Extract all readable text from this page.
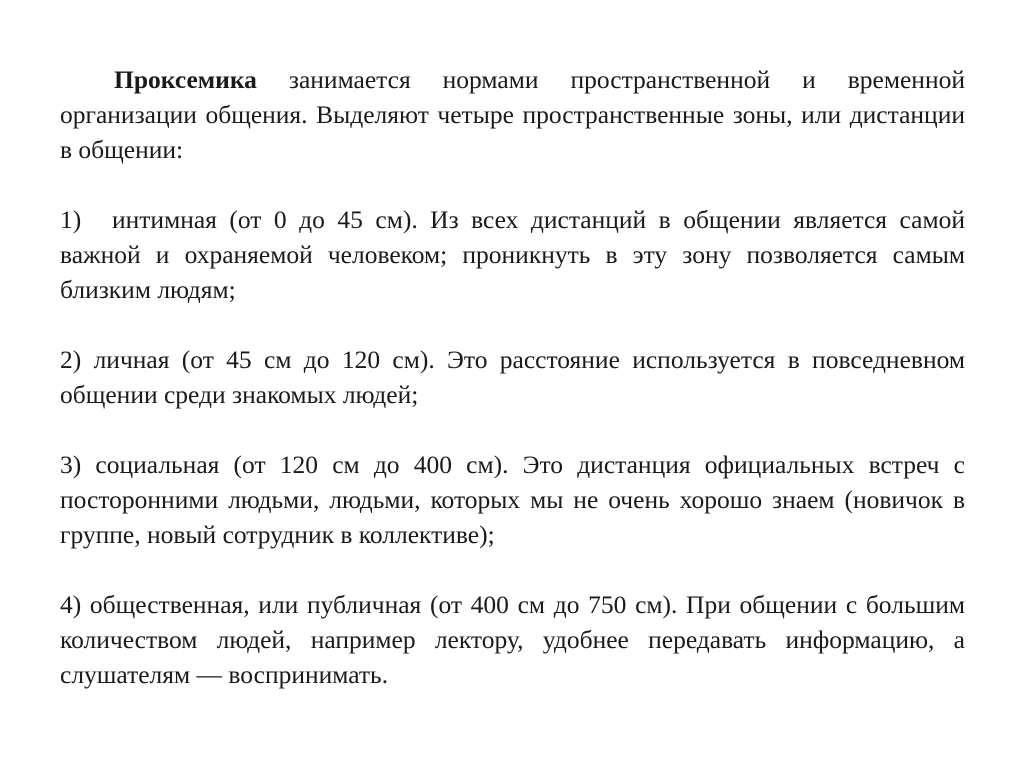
Проксемика занимается нормами пространственной и временной организации общения. Выделяют четыре пространственные зоны, или дистанции в общении:

1) интимная (от 0 до 45 см). Из всех дистанций в общении является самой важной и охраняемой человеком; проникнуть в эту зону позволяется самым близким людям;

2) личная (от 45 см до 120 см). Это расстояние используется в повседневном общении среди знакомых людей;

3) социальная (от 120 см до 400 см). Это дистанция официальных встреч с посторонними людьми, людьми, которых мы не очень хорошо знаем (новичок в группе, новый сотрудник в коллективе);

4) общественная, или публичная (от 400 см до 750 см). При общении с большим количеством людей, например лектору, удобнее передавать информацию, а слушателям — воспринимать.
